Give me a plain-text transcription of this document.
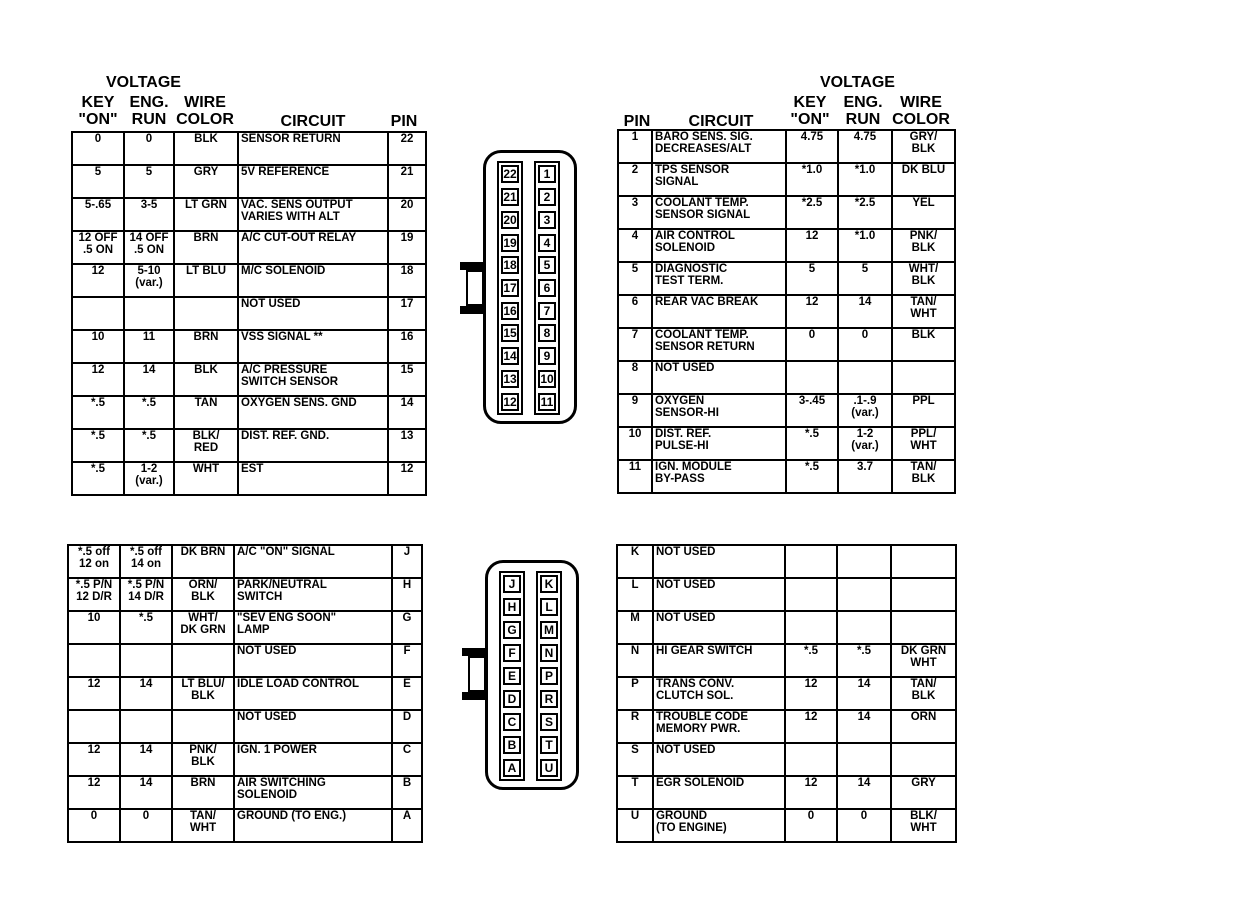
VOLTAGE
KEY
"ON"
ENG.
RUN
WIRE
COLOR	CIRCUIT	PIN
0	0	BLK	SENSOR RETURN	22
5	5	GRY	5V REFERENCE	21
5-.65	3-5	LT GRN	VAC. SENS OUTPUT
VARIES WITH ALT	20
12 OFF
.5 ON	14 OFF
.5 ON	BRN	A/C CUT-OUT RELAY	19
12	5-10
(var.)	LT BLU	M/C SOLENOID	18
			NOT USED	17
10	11	BRN	VSS SIGNAL **	16
12	14	BLK	A/C PRESSURE
SWITCH SENSOR	15
*.5	*.5	TAN	OXYGEN SENS. GND	14
*.5	*.5	BLK/
RED	DIST. REF. GND.	13
*.5	1-2
(var.)	WHT	EST	12
VOLTAGE
PIN	CIRCUIT
KEY
"ON"
ENG.
RUN
WIRE
COLOR
1	BARO SENS. SIG.
DECREASES/ALT	4.75	4.75	GRY/
BLK
2	TPS SENSOR
SIGNAL	*1.0	*1.0	DK BLU
3	COOLANT TEMP.
SENSOR SIGNAL	*2.5	*2.5	YEL
4	AIR CONTROL
SOLENOID	12	*1.0	PNK/
BLK
5	DIAGNOSTIC
TEST TERM.	5	5	WHT/
BLK
6	REAR VAC BREAK	12	14	TAN/
WHT
7	COOLANT TEMP.
SENSOR RETURN	0	0	BLK
8	NOT USED			
9	OXYGEN
SENSOR-HI	3-.45	.1-.9
(var.)	PPL
10	DIST. REF.
PULSE-HI	*.5	1-2
(var.)	PPL/
WHT
11	IGN. MODULE
BY-PASS	*.5	3.7	TAN/
BLK
*.5 off
12 on	*.5 off
14 on	DK BRN	A/C "ON" SIGNAL	J
*.5 P/N
12 D/R	*.5 P/N
14 D/R	ORN/
BLK	PARK/NEUTRAL
SWITCH	H
10	*.5	WHT/
DK GRN	"SEV ENG SOON"
LAMP	G
			NOT USED	F
12	14	LT BLU/
BLK	IDLE LOAD CONTROL	E
			NOT USED	D
12	14	PNK/
BLK	IGN. 1 POWER	C
12	14	BRN	AIR SWITCHING
SOLENOID	B
0	0	TAN/
WHT	GROUND (TO ENG.)	A
K	NOT USED			
L	NOT USED			
M	NOT USED			
N	HI GEAR SWITCH	*.5	*.5	DK GRN
WHT
P	TRANS CONV.
CLUTCH SOL.	12	14	TAN/
BLK
R	TROUBLE CODE
MEMORY PWR.	12	14	ORN
S	NOT USED			
T	EGR SOLENOID	12	14	GRY
U	GROUND
(TO ENGINE)	0	0	BLK/
WHT
22
21
20
19
18
17
16
15
14
13
12
1
2
3
4
5
6
7
8
9
10
11
J
H
G
F
E
D
C
B
A
K
L
M
N
P
R
S
T
U
